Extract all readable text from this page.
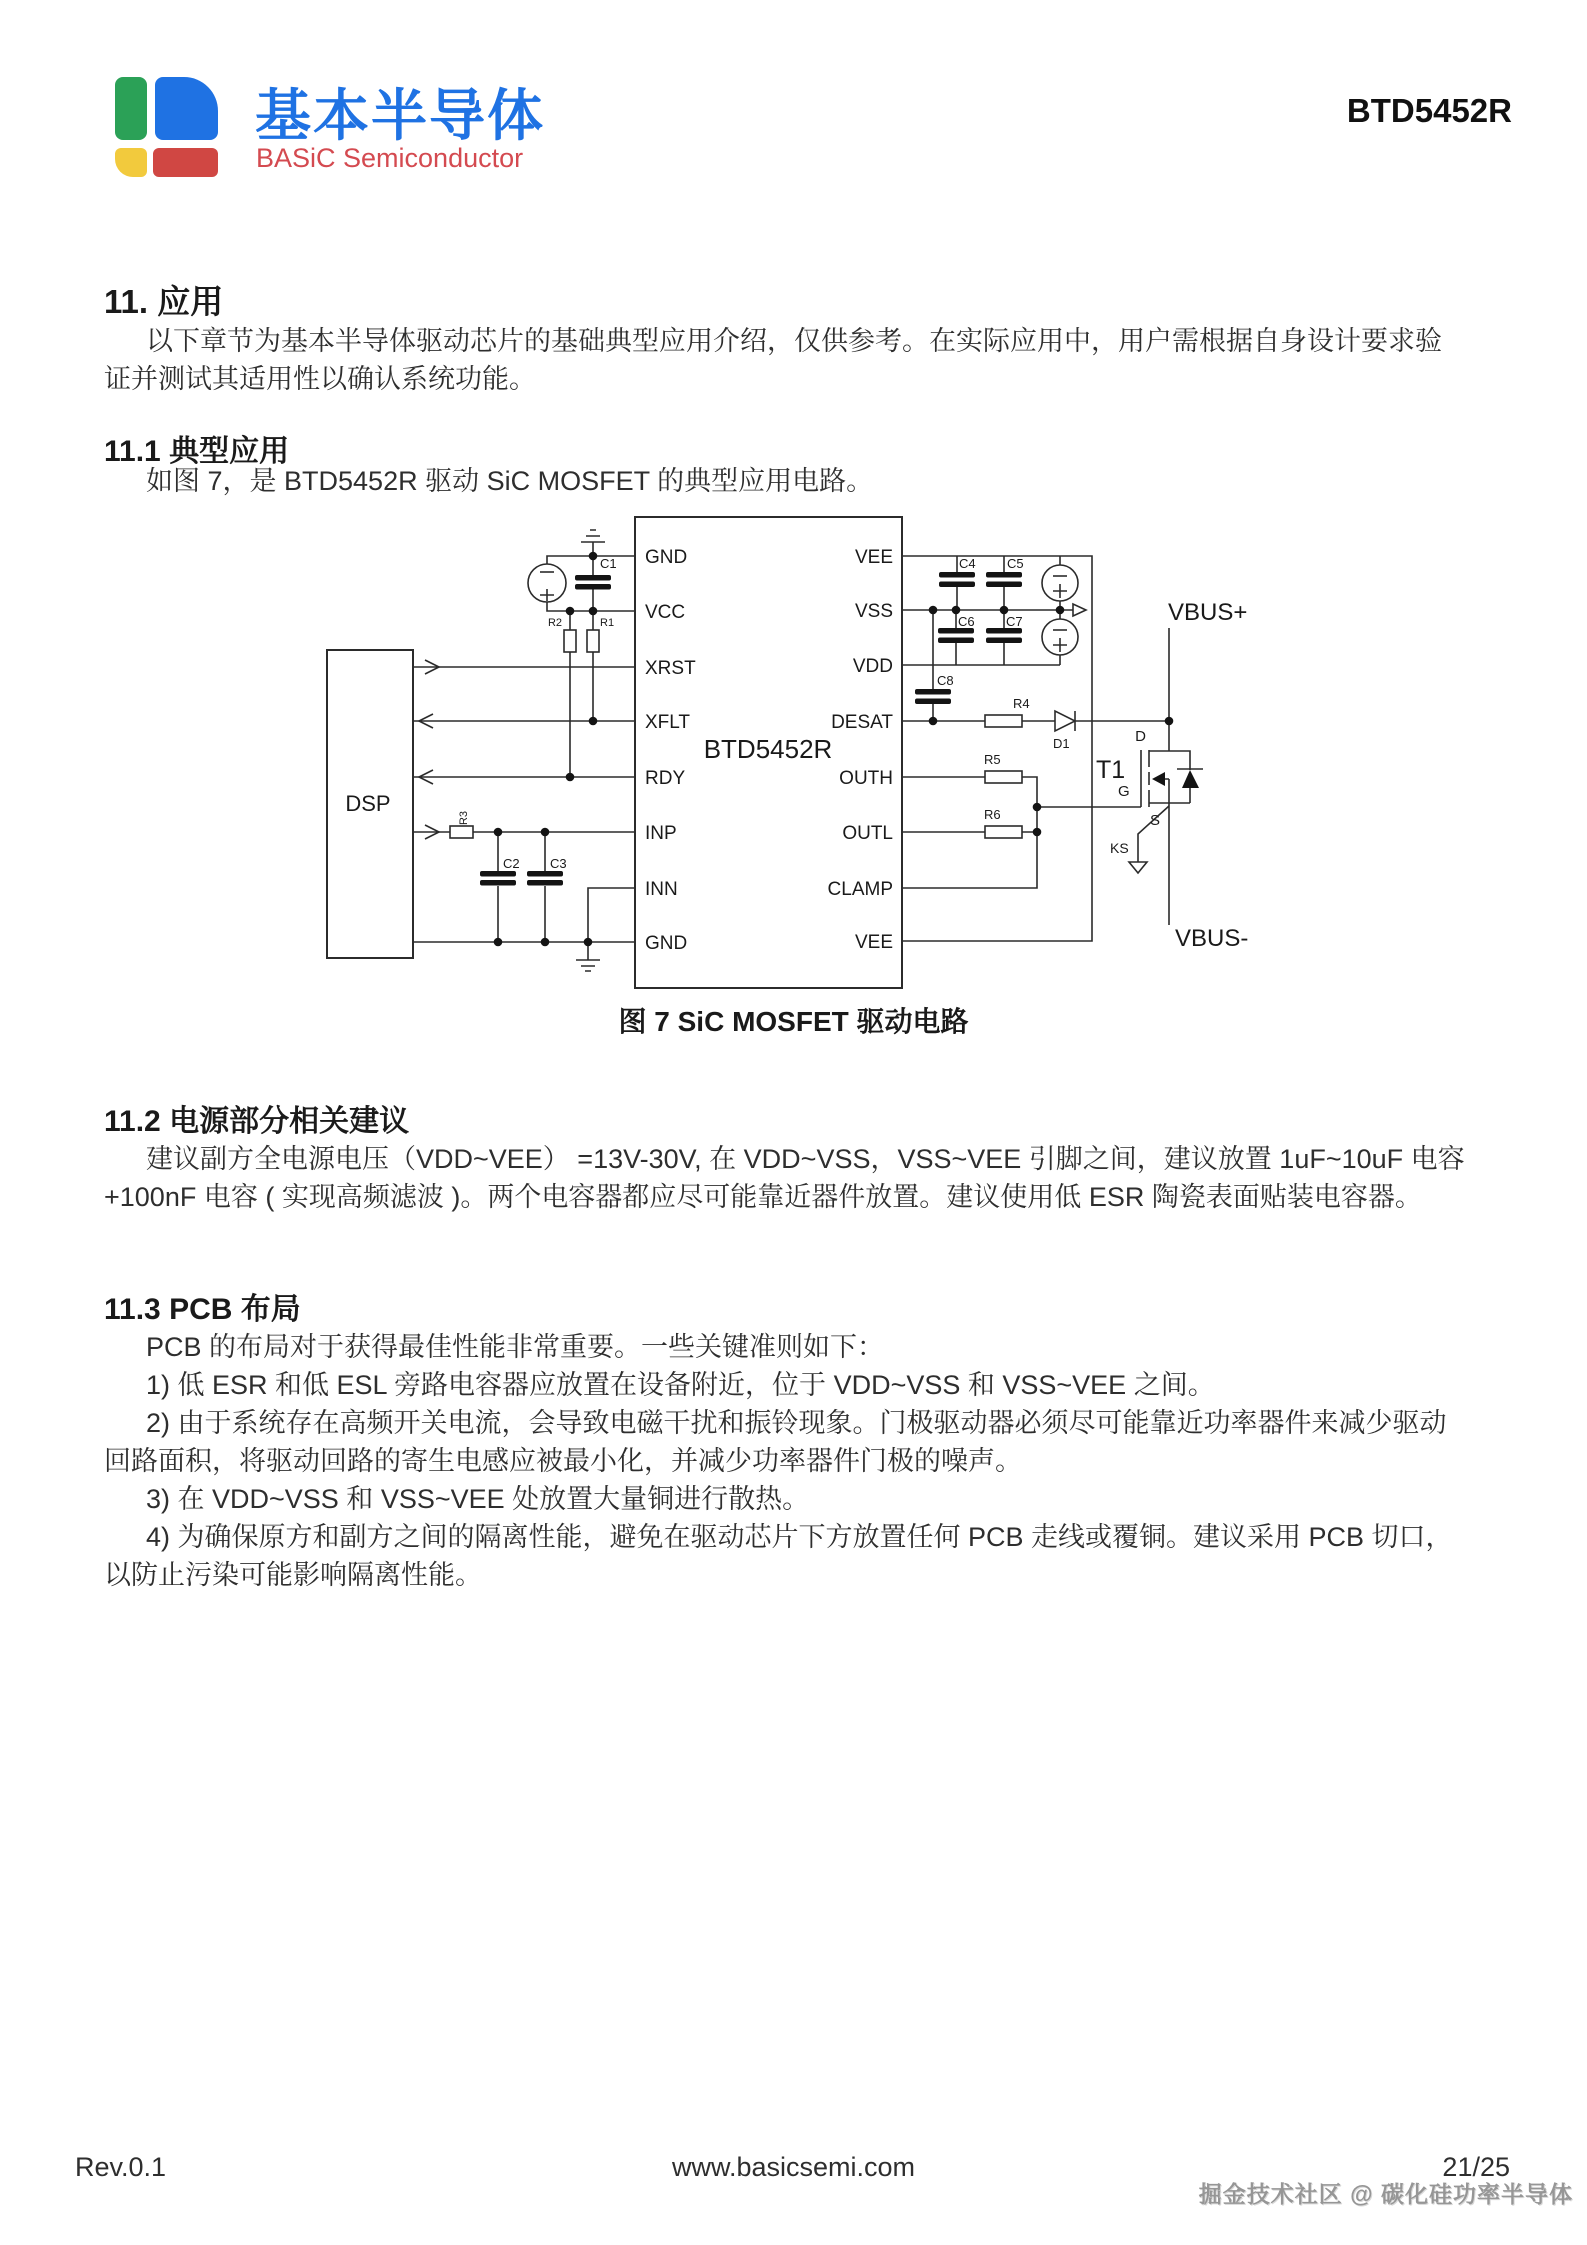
基本半导体
BASiC Semiconductor
BTD5452R
11. 应用
以下章节为基本半导体驱动芯片的基础典型应用介绍，仅供参考。在实际应用中，用户需根据自身设计要求验
证并测试其适用性以确认系统功能。
11.1 典型应用
如图 7，是 BTD5452R 驱动 SiC MOSFET 的典型应用电路。
GND
VCC
XRST
XFLT
RDY
INP
INN
GND
VEE
VSS
VDD
DESAT
OUTH
OUTL
CLAMP
VEE
BTD5452R
DSP
C1
R2	R1
R3
C2 C3
C4 C5
C6 C7
C8
R4
R5
R6
D1
T1
G
D
S
KS
VBUS+
VBUS-
图 7 SiC MOSFET 驱动电路
11.2 电源部分相关建议
建议副方全电源电压（VDD~VEE） =13V-30V, 在 VDD~VSS，VSS~VEE 引脚之间，建议放置 1uF~10uF 电容
+100nF 电容 ( 实现高频滤波 )。两个电容器都应尽可能靠近器件放置。建议使用低 ESR 陶瓷表面贴装电容器。
11.3 PCB 布局
PCB 的布局对于获得最佳性能非常重要。一些关键准则如下：
1) 低 ESR 和低 ESL 旁路电容器应放置在设备附近，位于 VDD~VSS 和 VSS~VEE 之间。
2) 由于系统存在高频开关电流，会导致电磁干扰和振铃现象。门极驱动器必须尽可能靠近功率器件来减少驱动
回路面积，将驱动回路的寄生电感应被最小化，并减少功率器件门极的噪声。
3) 在 VDD~VSS 和 VSS~VEE 处放置大量铜进行散热。
4) 为确保原方和副方之间的隔离性能，避免在驱动芯片下方放置任何 PCB 走线或覆铜。建议采用 PCB 切口，
以防止污染可能影响隔离性能。
Rev.0.1	www.basicsemi.com	21/25
掘金技术社区 @ 碳化硅功率半导体
